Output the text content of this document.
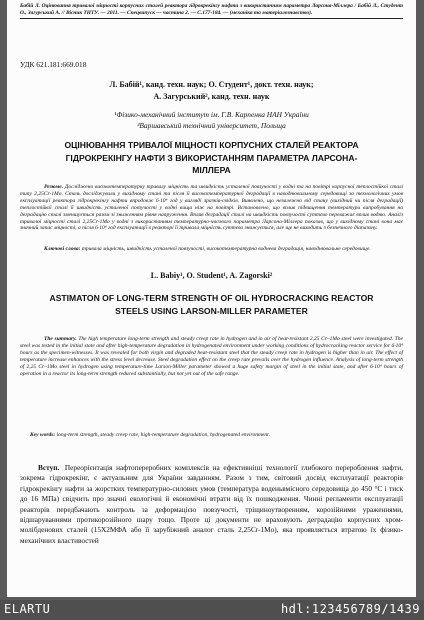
Бабій Л. Оцінювання тривалої міцності корпусних сталей реактора гідрокрекінгу нафти з використанням параметра Ларсона-Міллера / Бабій Л., Студент О., Загурський А. // Вісник ТНТУ. — 2011. — Спецвипуск — частина 2. — С.177-184. — (механіка та матеріалознавство).
УДК 621.181:669.018
Л. Бабій¹, канд. техн. наук; О. Студент¹, докт. техн. наук;
А. Загурський², канд. техн. наук
¹Фізико-механічний інститут ім. Г.В. Карпенка НАН України
²Варшавський технічний університет, Польща
ОЦІНЮВАННЯ ТРИВАЛОЇ МІЦНОСТІ КОРПУСНИХ СТАЛЕЙ РЕАКТОРА ГІДРОКРЕКІНГУ НАФТИ З ВИКОРИСТАННЯМ ПАРАМЕТРА ЛАРСОНА-МІЛЛЕРА
Резюме. Досліджено високотемпературну тривалу міцність та швидкість усталеної повзучості у водні та на повітрі корпусної теплостійкої сталі типу 2,25Cr-1Mo. Сталь досліджували у вихідному стані та після її високотемпературної деградації в наводнювальному середовищі за технологічних умов експлуатації реактора гідрокрекінгу нафти впродовж 6·10⁴ год у вигляді зразків-свідків. Виявлено, що незалежно від стану (вихідний чи після деградації) теплостійкої сталі її швидкість усталеної повзучості у водні вища ніж на повітрі. Встановлено, що вплив підвищення температури випробування на деградацію сталі зменшується разом зі зниженням рівня напруження. Вплив деградації сталі на швидкість повзучості суттєво переважає вплив водню. Аналіз тривалої міцності сталі 2,25Cr-1Mo у водні з використанням температурно-часового параметра Ларсона-Міллера показав, що у вихідному стані вона має значний запас міцності, а після 6·10⁴ год експлуатації в реакторі її тривала міцність суттєво знижується, але ще не виходить з безпечного діапазону.
Ключові слова: тривала міцність, швидкість усталеної повзучості, високотемпературна воднева деградація, наводнювальне середовище.
L. Babiy¹, O. Student¹, A. Zagorski²
ASTIMATON OF LONG-TERM STRENGTH OF OIL HYDROCRACKING REACTOR STEELS USING LARSON-MILLER PARAMETER
The summary. The high temperature long-term strength and steady creep rate in hydrogen and in air of heat-resistant 2,25 Cr–1Mo steel were investigated. The steel was tested in the initial state and after high-temperature degradation in hydrogenated environment under working conditions of hydrocracking reactor service for 6·10⁴ hours as the specimen-witnesses. It was revealed for both virgin and degraded heat-resistant steel that the steady creep rate in hydrogen is higher than in air. The effect of temperature increase enhances with the stress level decrease. Steel degradation effect on the creep rate prevails over the hydrogen influence. Analysis of long-term strength of 2,25 Cr–1Mo steel in hydrogen using temperature-time Larson-Miller parameter showed a huge safety margin of steel in the initial state, and after 6·10⁴ hours of operation in a reactor its long-term strength reduced substantially, but not yet out of the safe range.
Key words: long-term strength, steady creep rate, high-temperature degradation, hydrogenated environment.
Вступ. Переорієнтація нафтопереробних комплексів на ефективніші технології глибокого перероблення нафти, зокрема гідрокрекінг, є актуальним для України завданням. Разом з тим, світовий досвід експлуатації реакторів гідрокрекінгу нафти за жорстких температурно-силових умов (температура воденьвмісного середовища до 450 °С і тиск до 16 МПа) свідчить про значні екологічні й економічні втрати від їх пошкодження. Чинні регламенти експлуатації реакторів передбачають контроль за деформацією повзучості, тріщиноутворенням, корозійними ураженнями, відшаруваннями протикорозійного шару тощо. Проте ці документи не враховують деградацію корпусних хром-молібденових сталей (15Х2МФА або її зарубіжний аналог сталь 2,25Cr-1Mo), яка проявляється втратою їх фізико-механічних властивостей
ELARTU	hdl:123456789/1439
